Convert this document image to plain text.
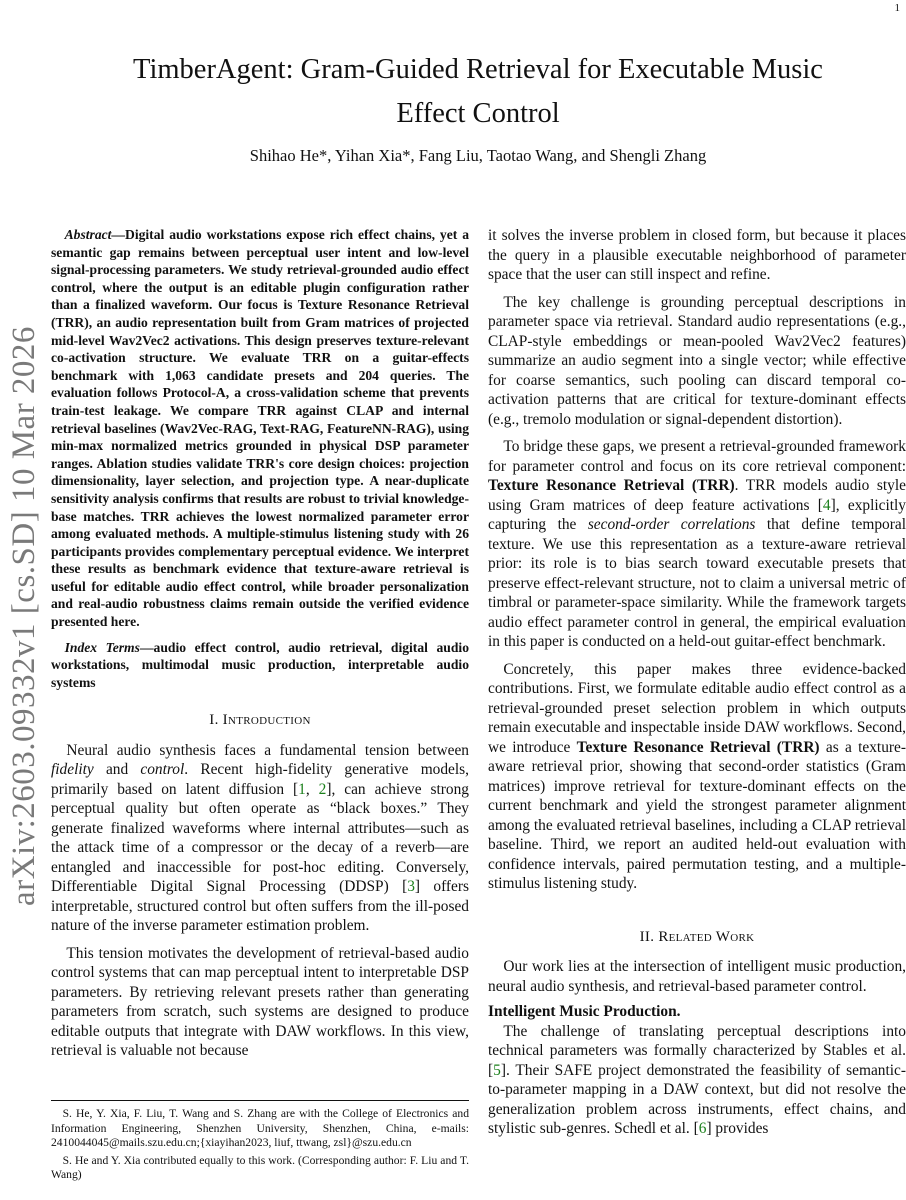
1
arXiv:2603.09332v1 [cs.SD] 10 Mar 2026
TimberAgent: Gram-Guided Retrieval for Executable Music Effect Control
Shihao He*, Yihan Xia*, Fang Liu, Taotao Wang, and Shengli Zhang

Abstract—Digital audio workstations expose rich effect chains, yet a semantic gap remains between perceptual user intent and low-level signal-processing parameters. We study retrieval-grounded audio effect control, where the output is an editable plugin configuration rather than a finalized waveform. Our focus is Texture Resonance Retrieval (TRR), an audio representation built from Gram matrices of projected mid-level Wav2Vec2 activations. This design preserves texture-relevant co-activation structure. We evaluate TRR on a guitar-effects benchmark with 1,063 candidate presets and 204 queries. The evaluation follows Protocol-A, a cross-validation scheme that prevents train-test leakage. We compare TRR against CLAP and internal retrieval baselines (Wav2Vec-RAG, Text-RAG, FeatureNN-RAG), using min-max normalized metrics grounded in physical DSP parameter ranges. Ablation studies validate TRR's core design choices: projection dimensionality, layer selection, and projection type. A near-duplicate sensitivity analysis confirms that results are robust to trivial knowledge-base matches. TRR achieves the lowest normalized parameter error among evaluated methods. A multiple-stimulus listening study with 26 participants provides complementary perceptual evidence. We interpret these results as benchmark evidence that texture-aware retrieval is useful for editable audio effect control, while broader personalization and real-audio robustness claims remain outside the verified evidence presented here.

Index Terms—audio effect control, audio retrieval, digital audio workstations, multimodal music production, interpretable audio systems

I. Introduction

Neural audio synthesis faces a fundamental tension between fidelity and control. Recent high-fidelity generative models, primarily based on latent diffusion [1, 2], can achieve strong perceptual quality but often operate as “black boxes.” They generate finalized waveforms where internal attributes—such as the attack time of a compressor or the decay of a reverb—are entangled and inaccessible for post-hoc editing. Conversely, Differentiable Digital Signal Processing (DDSP) [3] offers interpretable, structured control but often suffers from the ill-posed nature of the inverse parameter estimation problem.

This tension motivates the development of retrieval-based audio control systems that can map perceptual intent to interpretable DSP parameters. By retrieving relevant presets rather than generating parameters from scratch, such systems are designed to produce editable outputs that integrate with DAW workflows. In this view, retrieval is valuable not because

S. He, Y. Xia, F. Liu, T. Wang and S. Zhang are with the College of Electronics and Information Engineering, Shenzhen University, Shenzhen, China, e-mails: 2410044045@mails.szu.edu.cn;{xiayihan2023, liuf, ttwang, zsl}@szu.edu.cn

S. He and Y. Xia contributed equally to this work. (Corresponding author: F. Liu and T. Wang)

it solves the inverse problem in closed form, but because it places the query in a plausible executable neighborhood of parameter space that the user can still inspect and refine.

The key challenge is grounding perceptual descriptions in parameter space via retrieval. Standard audio representations (e.g., CLAP-style embeddings or mean-pooled Wav2Vec2 features) summarize an audio segment into a single vector; while effective for coarse semantics, such pooling can discard temporal co-activation patterns that are critical for texture-dominant effects (e.g., tremolo modulation or signal-dependent distortion).

To bridge these gaps, we present a retrieval-grounded framework for parameter control and focus on its core retrieval component: Texture Resonance Retrieval (TRR). TRR models audio style using Gram matrices of deep feature activations [4], explicitly capturing the second-order correlations that define temporal texture. We use this representation as a texture-aware retrieval prior: its role is to bias search toward executable presets that preserve effect-relevant structure, not to claim a universal metric of timbral or parameter-space similarity. While the framework targets audio effect parameter control in general, the empirical evaluation in this paper is conducted on a held-out guitar-effect benchmark.

Concretely, this paper makes three evidence-backed contributions. First, we formulate editable audio effect control as a retrieval-grounded preset selection problem in which outputs remain executable and inspectable inside DAW workflows. Second, we introduce Texture Resonance Retrieval (TRR) as a texture-aware retrieval prior, showing that second-order statistics (Gram matrices) improve retrieval for texture-dominant effects on the current benchmark and yield the strongest parameter alignment among the evaluated retrieval baselines, including a CLAP retrieval baseline. Third, we report an audited held-out evaluation with confidence intervals, paired permutation testing, and a multiple-stimulus listening study.

II. Related Work

Our work lies at the intersection of intelligent music production, neural audio synthesis, and retrieval-based parameter control.

Intelligent Music Production.

The challenge of translating perceptual descriptions into technical parameters was formally characterized by Stables et al. [5]. Their SAFE project demonstrated the feasibility of semantic-to-parameter mapping in a DAW context, but did not resolve the generalization problem across instruments, effect chains, and stylistic sub-genres. Schedl et al. [6] provides
